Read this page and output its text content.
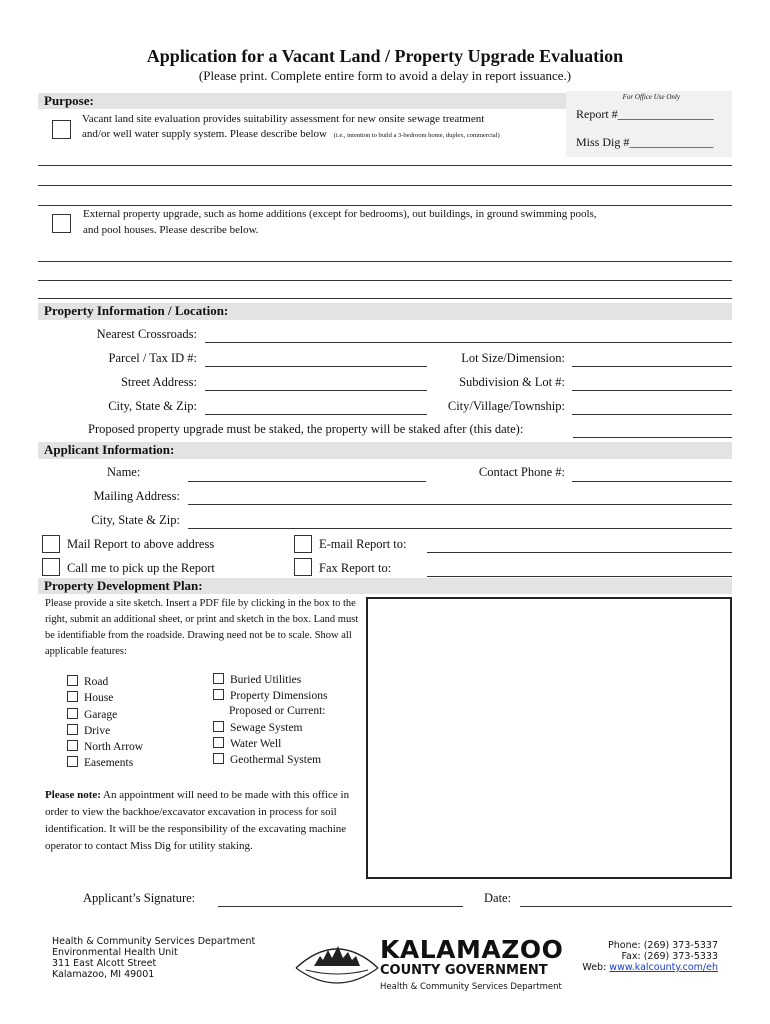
Application for a Vacant Land / Property Upgrade Evaluation
(Please print. Complete entire form to avoid a delay in report issuance.)
Purpose:	For Office Use Only
Report #________________
Miss Dig #______________
Vacant land site evaluation provides suitability assessment for new onsite sewage treatment
and/or well water supply system. Please describe below (i.e., intention to build a 3-bedroom home, duplex, commercial)
External property upgrade, such as home additions (except for bedrooms), out buildings, in ground swimming pools,
and pool houses. Please describe below.
Property Information / Location:
Nearest Crossroads:
Parcel / Tax ID #:	Lot Size/Dimension:
Street Address:	Subdivision & Lot #:
City, State & Zip:	City/Village/Township:
Proposed property upgrade must be staked, the property will be staked after (this date):
Applicant Information:
Name:	Contact Phone #:
Mailing Address:
City, State & Zip:
Mail Report to above address	E-mail Report to:
Call me to pick up the Report	Fax Report to:
Property Development Plan:
Please provide a site sketch. Insert a PDF file by clicking in the box to the right, submit an additional sheet, or print and sketch in the box. Land must be identifiable from the roadside. Drawing need not be to scale. Show all applicable features:
Road
House
Garage
Drive
North Arrow
Easements
Buried Utilities
Property Dimensions
Proposed or Current:
Sewage System
Water Well
Geothermal System
Please note: An appointment will need to be made with this office in order to view the backhoe/excavator excavation in process for soil identification. It will be the responsibility of the excavating machine operator to contact Miss Dig for utility staking.
Applicant’s Signature:	Date:
Health & Community Services Department
Environmental Health Unit
311 East Alcott Street
Kalamazoo, MI 49001
KALAMAZOO
COUNTY GOVERNMENT
Health & Community Services Department
Phone: (269) 373-5337
Fax: (269) 373-5333
Web: www.kalcounty.com/eh
